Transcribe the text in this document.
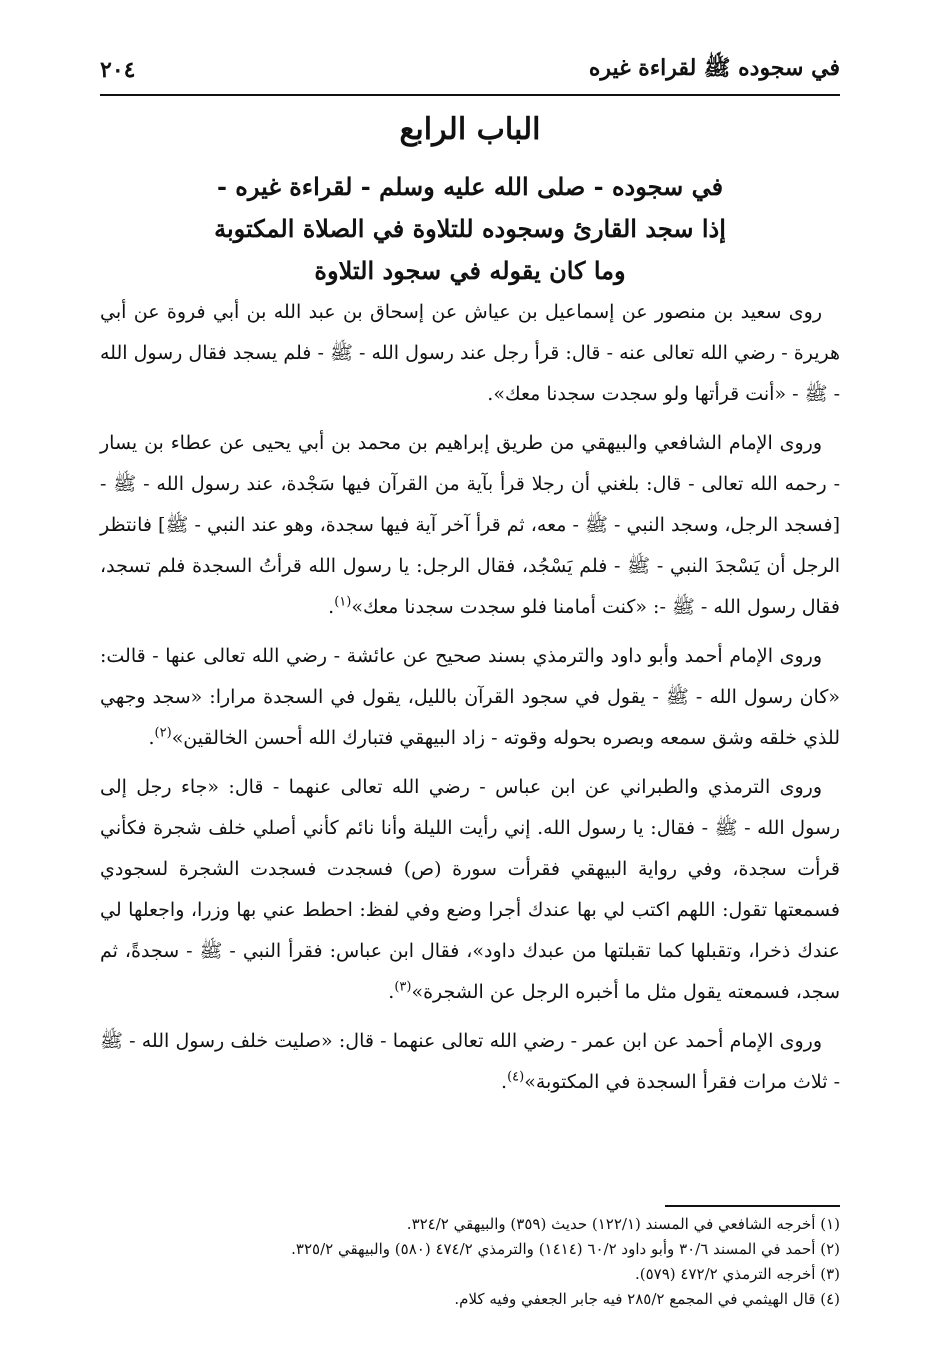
في سجوده ﷺ لقراءة غيره
٢٠٤
الباب الرابع
في سجوده - صلى الله عليه وسلم - لقراءة غيره -
إذا سجد القارئ وسجوده للتلاوة في الصلاة المكتوبة
وما كان يقوله في سجود التلاوة

روى سعيد بن منصور عن إسماعيل بن عياش عن إسحاق بن عبد الله بن أبي فروة عن أبي هريرة - رضي الله تعالى عنه - قال: قرأ رجل عند رسول الله - ﷺ - فلم يسجد فقال رسول الله - ﷺ - «أنت قرأتها ولو سجدت سجدنا معك».

وروى الإمام الشافعي والبيهقي من طريق إبراهيم بن محمد بن أبي يحيى عن عطاء بن يسار - رحمه الله تعالى - قال: بلغني أن رجلا قرأ بآية من القرآن فيها سَجْدة، عند رسول الله - ﷺ - [فسجد الرجل، وسجد النبي - ﷺ - معه، ثم قرأ آخر آية فيها سجدة، وهو عند النبي - ﷺ] فانتظر الرجل أن يَسْجدَ النبي - ﷺ - فلم يَسْجُد، فقال الرجل: يا رسول الله قرأتُ السجدة فلم تسجد، فقال رسول الله - ﷺ -: «كنت أمامنا فلو سجدت سجدنا معك»$^{(١)}$.

وروى الإمام أحمد وأبو داود والترمذي بسند صحيح عن عائشة - رضي الله تعالى عنها - قالت: «كان رسول الله - ﷺ - يقول في سجود القرآن بالليل، يقول في السجدة مرارا: «سجد وجهي للذي خلقه وشق سمعه وبصره بحوله وقوته - زاد البيهقي فتبارك الله أحسن الخالقين»$^{(٢)}$.

وروى الترمذي والطبراني عن ابن عباس - رضي الله تعالى عنهما - قال: «جاء رجل إلى رسول الله - ﷺ - فقال: يا رسول الله. إني رأيت الليلة وأنا نائم كأني أصلي خلف شجرة فكأني قرأت سجدة، وفي رواية البيهقي فقرأت سورة (ص) فسجدت فسجدت الشجرة لسجودي فسمعتها تقول: اللهم اكتب لي بها عندك أجرا وضع وفي لفظ: احطط عني بها وزرا، واجعلها لي عندك ذخرا، وتقبلها كما تقبلتها من عبدك داود»، فقال ابن عباس: فقرأ النبي - ﷺ - سجدةً، ثم سجد، فسمعته يقول مثل ما أخبره الرجل عن الشجرة»$^{(٣)}$.

وروى الإمام أحمد عن ابن عمر - رضي الله تعالى عنهما - قال: «صليت خلف رسول الله - ﷺ - ثلاث مرات فقرأ السجدة في المكتوبة»$^{(٤)}$.

(١) أخرجه الشافعي في المسند (١٢٢/١) حديث (٣٥٩) والبيهقي ٣٢٤/٢.
(٢) أحمد في المسند ٣٠/٦ وأبو داود ٦٠/٢ (١٤١٤) والترمذي ٤٧٤/٢ (٥٨٠) والبيهقي ٣٢٥/٢.
(٣) أخرجه الترمذي ٤٧٢/٢ (٥٧٩).
(٤) قال الهيثمي في المجمع ٢٨٥/٢ فيه جابر الجعفي وفيه كلام.
